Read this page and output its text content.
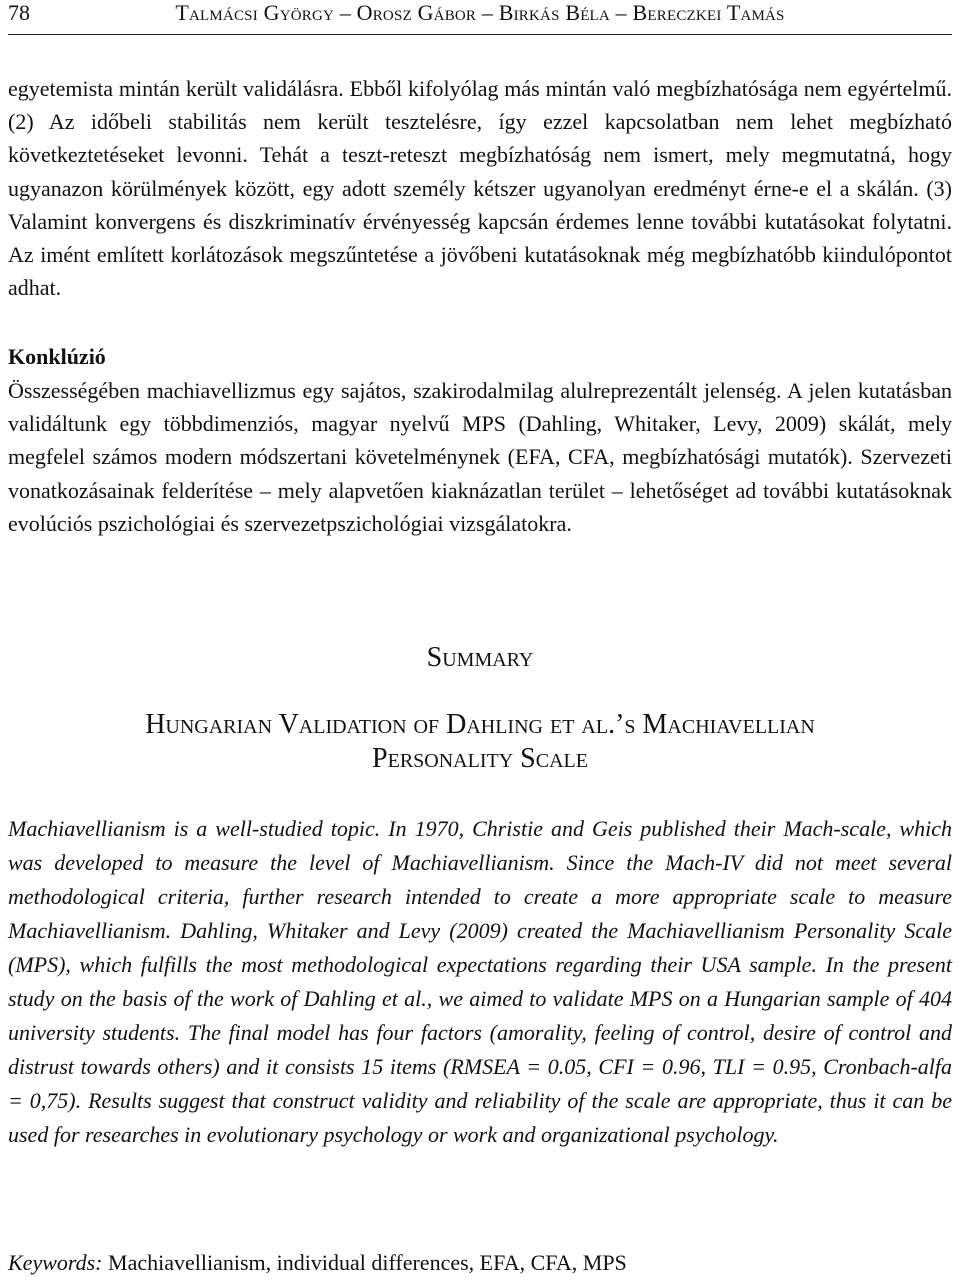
78	Talmácsi György – Orosz Gábor – Birkás Béla – Bereczkei Tamás

egyetemista mintán került validálásra. Ebből kifolyólag más mintán való megbízhatósága nem egyértelmű. (2) Az időbeli stabilitás nem került tesztelésre, így ezzel kapcsolatban nem lehet megbízható következtetéseket levonni. Tehát a teszt-reteszt megbízhatóság nem ismert, mely megmutatná, hogy ugyanazon körülmények között, egy adott személy kétszer ugyanolyan eredményt érne-e el a skálán. (3) Valamint konvergens és diszkriminatív érvényesség kapcsán érdemes lenne további kutatásokat folytatni. Az imént említett korlátozások megszűntetése a jövőbeni kutatásoknak még megbízhatóbb kiindulópontot adhat.

Konklúzió

Összességében machiavellizmus egy sajátos, szakirodalmilag alulreprezentált jelenség. A jelen kutatásban validáltunk egy többdimenziós, magyar nyelvű MPS (Dahling, Whitaker, Levy, 2009) skálát, mely megfelel számos modern módszertani követelménynek (EFA, CFA, megbízhatósági mutatók). Szervezeti vonatkozásainak felderítése – mely alapvetően kiaknázatlan terület – lehetőséget ad további kutatásoknak evolúciós pszichológiai és szervezetpszichológiai vizsgálatokra.

Summary
Hungarian Validation of Dahling et al.’s Machiavellian
Personality Scale

Machiavellianism is a well-studied topic. In 1970, Christie and Geis published their Mach-scale, which was developed to measure the level of Machiavellianism. Since the Mach-IV did not meet several methodological criteria, further research intended to create a more appropriate scale to measure Machiavellianism. Dahling, Whitaker and Levy (2009) created the Machiavellianism Personality Scale (MPS), which fulfills the most methodological expectations regarding their USA sample. In the present study on the basis of the work of Dahling et al., we aimed to validate MPS on a Hungarian sample of 404 university students. The final model has four factors (amorality, feeling of control, desire of control and distrust towards others) and it consists 15 items (RMSEA = 0.05, CFI = 0.96, TLI = 0.95, Cronbach-alfa = 0,75). Results suggest that construct validity and reliability of the scale are appropriate, thus it can be used for researches in evolutionary psychology or work and organizational psychology.

Keywords: Machiavellianism, individual differences, EFA, CFA, MPS
